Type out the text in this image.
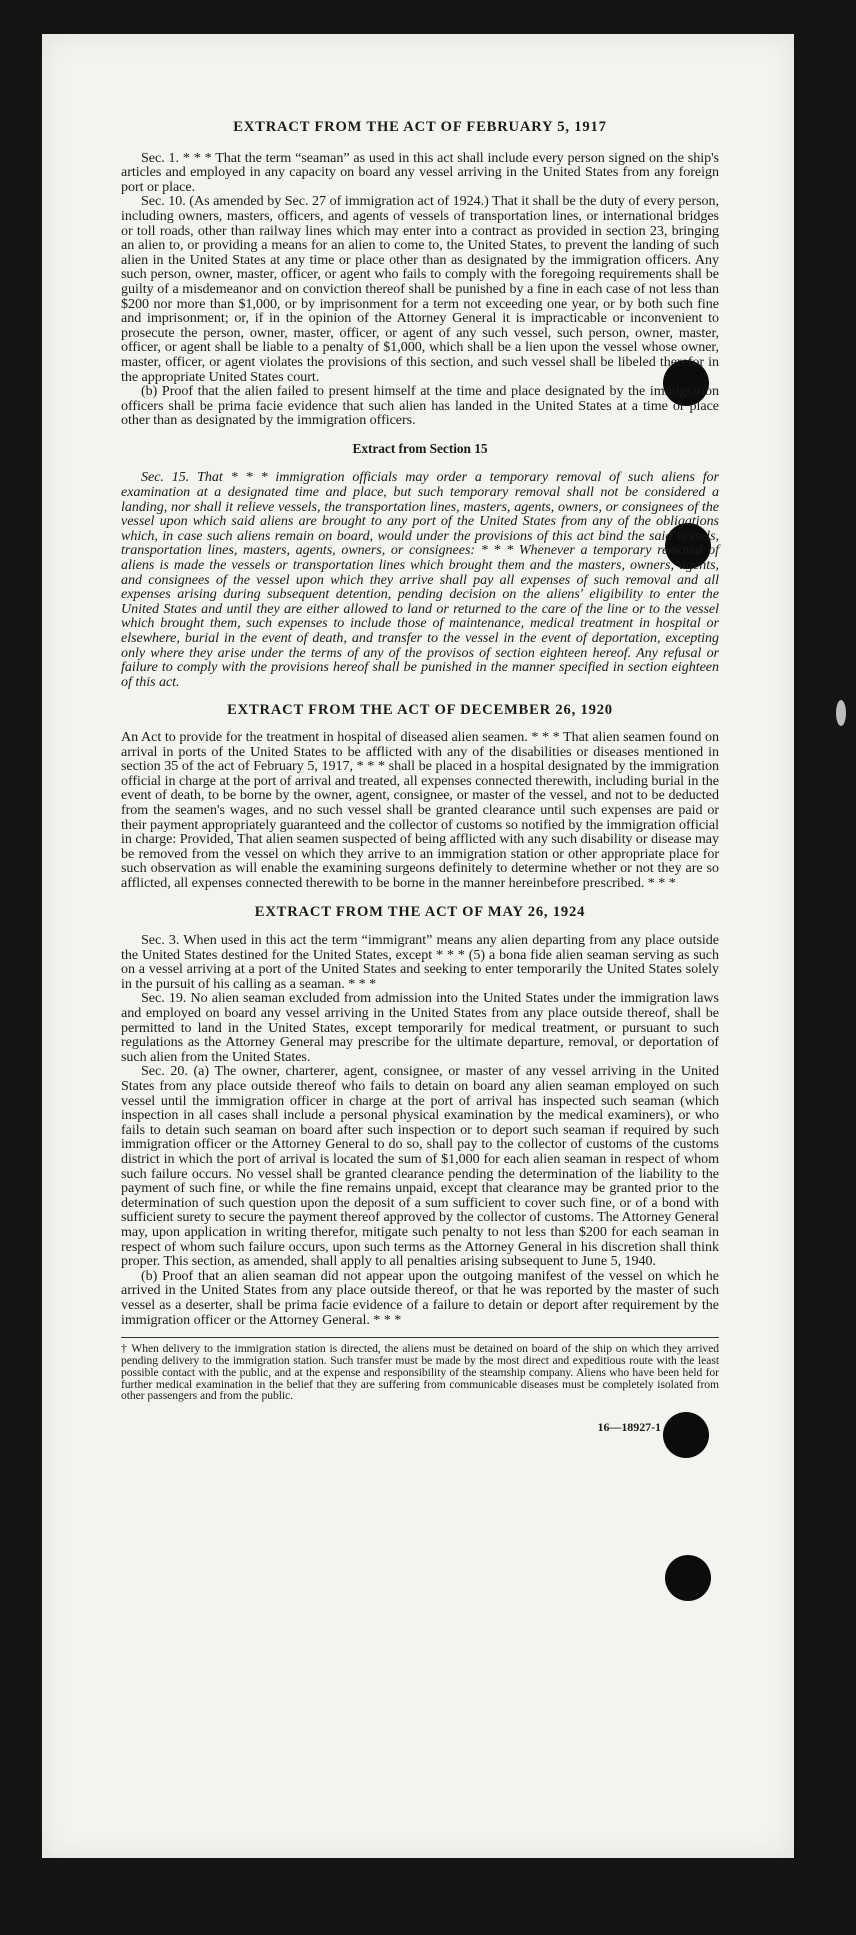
EXTRACT FROM THE ACT OF FEBRUARY 5, 1917

Sec. 1. * * * That the term “seaman” as used in this act shall include every person signed on the ship's articles and employed in any capacity on board any vessel arriving in the United States from any foreign port or place.

Sec. 10. (As amended by Sec. 27 of immigration act of 1924.) That it shall be the duty of every person, including owners, masters, officers, and agents of vessels of transportation lines, or international bridges or toll roads, other than railway lines which may enter into a contract as provided in section 23, bringing an alien to, or providing a means for an alien to come to, the United States, to prevent the landing of such alien in the United States at any time or place other than as designated by the immigration officers. Any such person, owner, master, officer, or agent who fails to comply with the foregoing requirements shall be guilty of a misdemeanor and on conviction thereof shall be punished by a fine in each case of not less than $200 nor more than $1,000, or by imprisonment for a term not exceeding one year, or by both such fine and imprisonment; or, if in the opinion of the Attorney General it is impracticable or inconvenient to prosecute the person, owner, master, officer, or agent of any such vessel, such person, owner, master, officer, or agent shall be liable to a penalty of $1,000, which shall be a lien upon the vessel whose owner, master, officer, or agent violates the provisions of this section, and such vessel shall be libeled therefor in the appropriate United States court.

(b) Proof that the alien failed to present himself at the time and place designated by the immigration officers shall be prima facie evidence that such alien has landed in the United States at a time or place other than as designated by the immigration officers.

Extract from Section 15

Sec. 15. That * * * immigration officials may order a temporary removal of such aliens for examination at a designated time and place, but such temporary removal shall not be considered a landing, nor shall it relieve vessels, the transportation lines, masters, agents, owners, or consignees of the vessel upon which said aliens are brought to any port of the United States from any of the obligations which, in case such aliens remain on board, would under the provisions of this act bind the said vessels, transportation lines, masters, agents, owners, or consignees: * * * Whenever a temporary removal of aliens is made the vessels or transportation lines which brought them and the masters, owners, agents, and consignees of the vessel upon which they arrive shall pay all expenses of such removal and all expenses arising during subsequent detention, pending decision on the aliens' eligibility to enter the United States and until they are either allowed to land or returned to the care of the line or to the vessel which brought them, such expenses to include those of maintenance, medical treatment in hospital or elsewhere, burial in the event of death, and transfer to the vessel in the event of deportation, excepting only where they arise under the terms of any of the provisos of section eighteen hereof. Any refusal or failure to comply with the provisions hereof shall be punished in the manner specified in section eighteen of this act.

EXTRACT FROM THE ACT OF DECEMBER 26, 1920

An Act to provide for the treatment in hospital of diseased alien seamen. * * * That alien seamen found on arrival in ports of the United States to be afflicted with any of the disabilities or diseases mentioned in section 35 of the act of February 5, 1917, * * * shall be placed in a hospital designated by the immigration official in charge at the port of arrival and treated, all expenses connected therewith, including burial in the event of death, to be borne by the owner, agent, consignee, or master of the vessel, and not to be deducted from the seamen's wages, and no such vessel shall be granted clearance until such expenses are paid or their payment appropriately guaranteed and the collector of customs so notified by the immigration official in charge: Provided, That alien seamen suspected of being afflicted with any such disability or disease may be removed from the vessel on which they arrive to an immigration station or other appropriate place for such observation as will enable the examining surgeons definitely to determine whether or not they are so afflicted, all expenses connected therewith to be borne in the manner hereinbefore prescribed. * * *

EXTRACT FROM THE ACT OF MAY 26, 1924

Sec. 3. When used in this act the term “immigrant” means any alien departing from any place outside the United States destined for the United States, except * * * (5) a bona fide alien seaman serving as such on a vessel arriving at a port of the United States and seeking to enter temporarily the United States solely in the pursuit of his calling as a seaman. * * *

Sec. 19. No alien seaman excluded from admission into the United States under the immigration laws and employed on board any vessel arriving in the United States from any place outside thereof, shall be permitted to land in the United States, except temporarily for medical treatment, or pursuant to such regulations as the Attorney General may prescribe for the ultimate departure, removal, or deportation of such alien from the United States.

Sec. 20. (a) The owner, charterer, agent, consignee, or master of any vessel arriving in the United States from any place outside thereof who fails to detain on board any alien seaman employed on such vessel until the immigration officer in charge at the port of arrival has inspected such seaman (which inspection in all cases shall include a personal physical examination by the medical examiners), or who fails to detain such seaman on board after such inspection or to deport such seaman if required by such immigration officer or the Attorney General to do so, shall pay to the collector of customs of the customs district in which the port of arrival is located the sum of $1,000 for each alien seaman in respect of whom such failure occurs. No vessel shall be granted clearance pending the determination of the liability to the payment of such fine, or while the fine remains unpaid, except that clearance may be granted prior to the determination of such question upon the deposit of a sum sufficient to cover such fine, or of a bond with sufficient surety to secure the payment thereof approved by the collector of customs. The Attorney General may, upon application in writing therefor, mitigate such penalty to not less than $200 for each seaman in respect of whom such failure occurs, upon such terms as the Attorney General in his discretion shall think proper. This section, as amended, shall apply to all penalties arising subsequent to June 5, 1940.

(b) Proof that an alien seaman did not appear upon the outgoing manifest of the vessel on which he arrived in the United States from any place outside thereof, or that he was reported by the master of such vessel as a deserter, shall be prima facie evidence of a failure to detain or deport after requirement by the immigration officer or the Attorney General. * * *

† When delivery to the immigration station is directed, the aliens must be detained on board of the ship on which they arrived pending delivery to the immigration station. Such transfer must be made by the most direct and expeditious route with the least possible contact with the public, and at the expense and responsibility of the steamship company. Aliens who have been held for further medical examination in the belief that they are suffering from communicable diseases must be completely isolated from other passengers and from the public.

16—18927-1
